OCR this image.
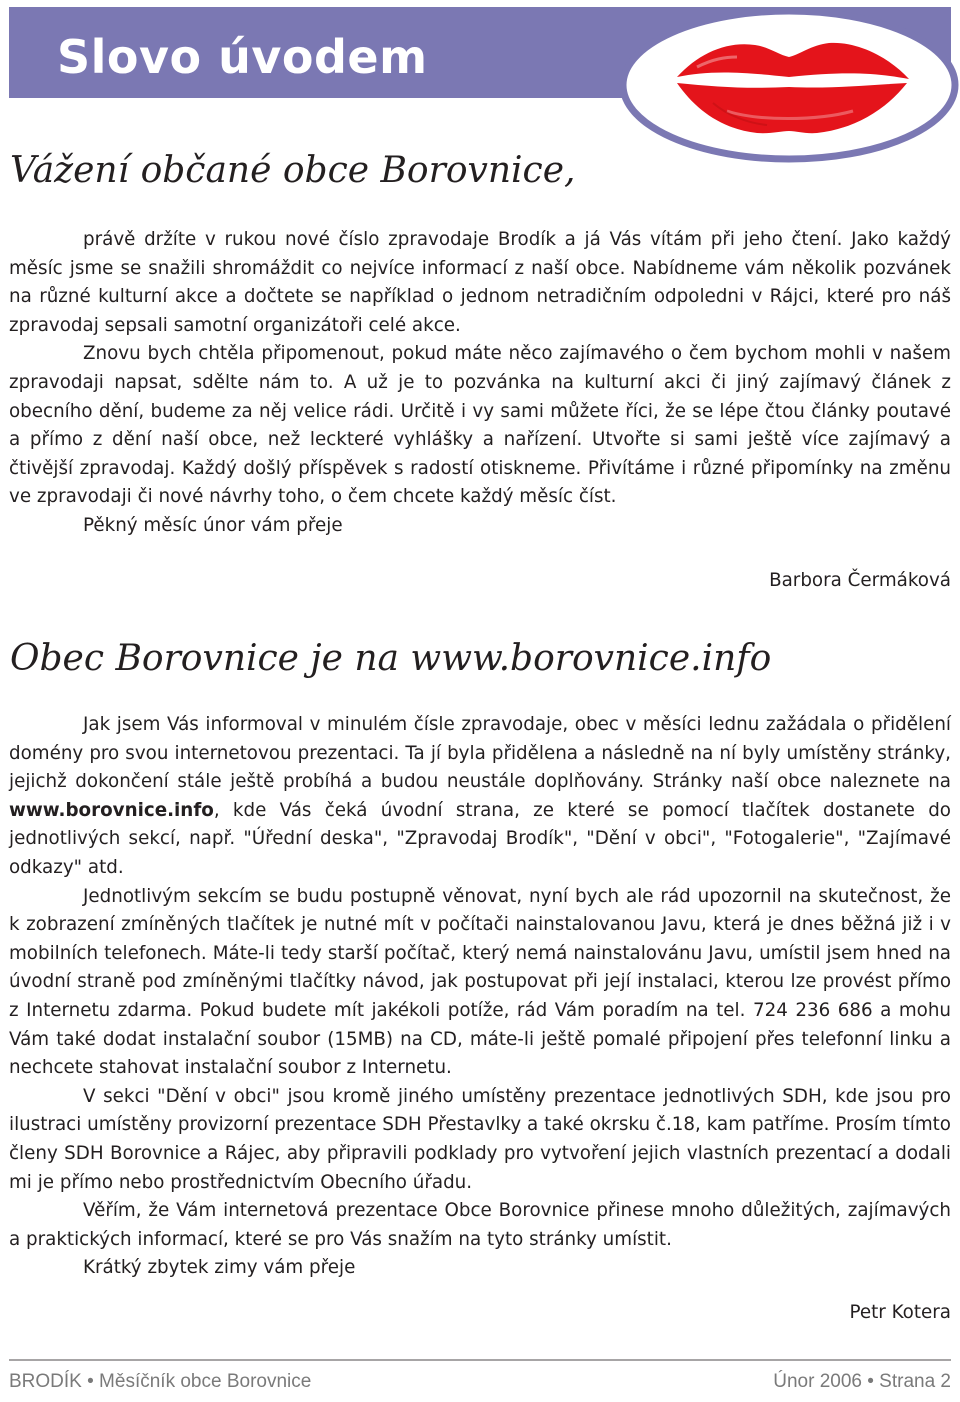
Slovo úvodem
Vážení občané obce Borovnice,

právě držíte v rukou nové číslo zpravodaje Brodík a já Vás vítám při jeho čtení. Jako každý měsíc jsme se snažili shromáždit co nejvíce informací z naší obce. Nabídneme vám několik pozvánek na různé kulturní akce a dočtete se například o jednom netradičním odpoledni v Rájci, které pro náš zpravodaj sepsali samotní organizátoři celé akce.

Znovu bych chtěla připomenout, pokud máte něco zajímavého o čem bychom mohli v našem zpravodaji napsat, sdělte nám to. A už je to pozvánka na kulturní akci či jiný zajímavý článek z obecního dění, budeme za něj velice rádi. Určitě i vy sami můžete říci, že se lépe čtou články poutavé a přímo z dění naší obce, než leckteré vyhlášky a nařízení. Utvořte si sami ještě více zajímavý a čtivější zpravodaj. Každý došlý příspěvek s radostí otiskneme. Přivítáme i různé připomínky na změnu ve zpravodaji či nové návrhy toho, o čem chcete každý měsíc číst.

Pěkný měsíc únor vám přeje

Barbora Čermáková

Obec Borovnice je na www.borovnice.info

Jak jsem Vás informoval v minulém čísle zpravodaje, obec v měsíci lednu zažádala o přidělení domény pro svou internetovou prezentaci. Ta jí byla přidělena a následně na ní byly umístěny stránky, jejichž dokončení stále ještě probíhá a budou neustále doplňovány. Stránky naší obce naleznete na www.borovnice.info, kde Vás čeká úvodní strana, ze které se pomocí tlačítek dostanete do jednotlivých sekcí, např. "Úřední deska", "Zpravodaj Brodík", "Dění v obci", "Fotogalerie", "Zajímavé odkazy" atd.

Jednotlivým sekcím se budu postupně věnovat, nyní bych ale rád upozornil na skutečnost, že k zobrazení zmíněných tlačítek je nutné mít v počítači nainstalovanou Javu, která je dnes běžná již i v mobilních telefonech. Máte-li tedy starší počítač, který nemá nainstalovánu Javu, umístil jsem hned na úvodní straně pod zmíněnými tlačítky návod, jak postupovat při její instalaci, kterou lze provést přímo z Internetu zdarma. Pokud budete mít jakékoli potíže, rád Vám poradím na tel. 724 236 686 a mohu Vám také dodat instalační soubor (15MB) na CD, máte-li ještě pomalé připojení přes telefonní linku a nechcete stahovat instalační soubor z Internetu.

V sekci "Dění v obci" jsou kromě jiného umístěny prezentace jednotlivých SDH, kde jsou pro ilustraci umístěny provizorní prezentace SDH Přestavlky a také okrsku č.18, kam patříme. Prosím tímto členy SDH Borovnice a Rájec, aby připravili podklady pro vytvoření jejich vlastních prezentací a dodali mi je přímo nebo prostřednictvím Obecního úřadu.

Věřím, že Vám internetová prezentace Obce Borovnice přinese mnoho důležitých, zajímavých a praktických informací, které se pro Vás snažím na tyto stránky umístit.

Krátký zbytek zimy vám přeje

Petr Kotera

BRODÍK • Měsíčník obce Borovnice	Únor 2006 • Strana 2
